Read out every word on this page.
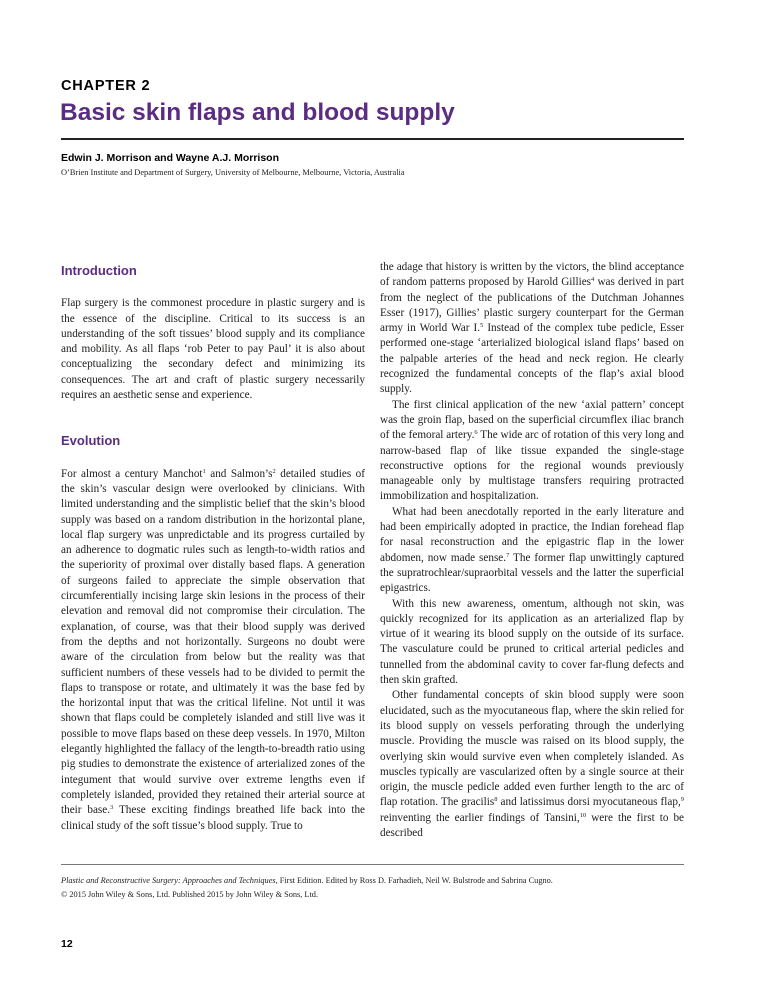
CHAPTER 2
Basic skin flaps and blood supply
Edwin J. Morrison and Wayne A.J. Morrison
O’Brien Institute and Department of Surgery, University of Melbourne, Melbourne, Victoria, Australia
Introduction

Flap surgery is the commonest procedure in plastic surgery and is the essence of the discipline. Critical to its success is an understanding of the soft tissues’ blood supply and its compliance and mobility. As all flaps ‘rob Peter to pay Paul’ it is also about conceptualizing the secondary defect and minimizing its consequences. The art and craft of plastic surgery necessarily requires an aesthetic sense and experience.

Evolution

For almost a century Manchot$^1$ and $Salmon’s^2$ detailed studies of the skin’s vascular design were overlooked by clinicians. With limited understanding and the simplistic belief that the skin’s blood supply was based on a random distribution in the horizontal plane, local flap surgery was unpredictable and its progress curtailed by an adherence to dogmatic rules such as length-to-width ratios and the superiority of proximal over distally based flaps. A generation of surgeons failed to appreciate the simple observation that circumferentially incising large skin lesions in the process of their elevation and removal did not compromise their circulation. The explanation, of course, was that their blood supply was derived from the depths and not horizontally. Surgeons no doubt were aware of the circulation from below but the reality was that sufficient numbers of these vessels had to be divided to permit the flaps to transpose or rotate, and ultimately it was the base fed by the horizontal input that was the critical lifeline. Not until it was shown that flaps could be completely islanded and still live was it possible to move flaps based on these deep vessels. In 1970, Milton elegantly highlighted the fallacy of the length-to-breadth ratio using pig studies to demonstrate the existence of arterialized zones of the integument that would survive over extreme lengths even if completely islanded, provided they retained their arterial source at their base.$^3$ These exciting findings breathed life back into the clinical study of the soft tissue’s blood supply. True to

the adage that history is written by the victors, the blind acceptance of random patterns proposed by Harold Gillies$^4$ was derived in part from the neglect of the publications of the Dutchman Johannes Esser (1917), Gillies’ plastic surgery counterpart for the German army in World War I.$^5$ Instead of the complex tube pedicle, Esser performed one-stage ‘arterialized biological island flaps’ based on the palpable arteries of the head and neck region. He clearly recognized the fundamental concepts of the flap’s axial blood supply.

The first clinical application of the new ‘axial pattern’ concept was the groin flap, based on the superficial circumflex iliac branch of the femoral artery.$^6$ The wide arc of rotation of this very long and narrow-based flap of like tissue expanded the single-stage reconstructive options for the regional wounds previously manageable only by multistage transfers requiring protracted immobilization and hospitalization.

What had been anecdotally reported in the early literature and had been empirically adopted in practice, the Indian forehead flap for nasal reconstruction and the epigastric flap in the lower abdomen, now made sense.$^7$ The former flap unwittingly captured the supratrochlear/supraorbital vessels and the latter the superficial epigastrics.

With this new awareness, omentum, although not skin, was quickly recognized for its application as an arterialized flap by virtue of it wearing its blood supply on the outside of its surface. The vasculature could be pruned to critical arterial pedicles and tunnelled from the abdominal cavity to cover far-flung defects and then skin grafted.

Other fundamental concepts of skin blood supply were soon elucidated, such as the myocutaneous flap, where the skin relied for its blood supply on vessels perforating through the underlying muscle. Providing the muscle was raised on its blood supply, the overlying skin would survive even when completely islanded. As muscles typically are vascularized often by a single source at their origin, the muscle pedicle added even further length to the arc of flap rotation. The gracilis$^8$ and latissimus dorsi myocutaneous flap,$^9$ reinventing the earlier findings of Tansini,$^{10}$ were the first to be described

Plastic and Reconstructive Surgery: Approaches and Techniques, First Edition. Edited by Ross D. Farhadieh, Neil W. Bulstrode and Sabrina Cugno.
© 2015 John Wiley & Sons, Ltd. Published 2015 by John Wiley & Sons, Ltd.
12
